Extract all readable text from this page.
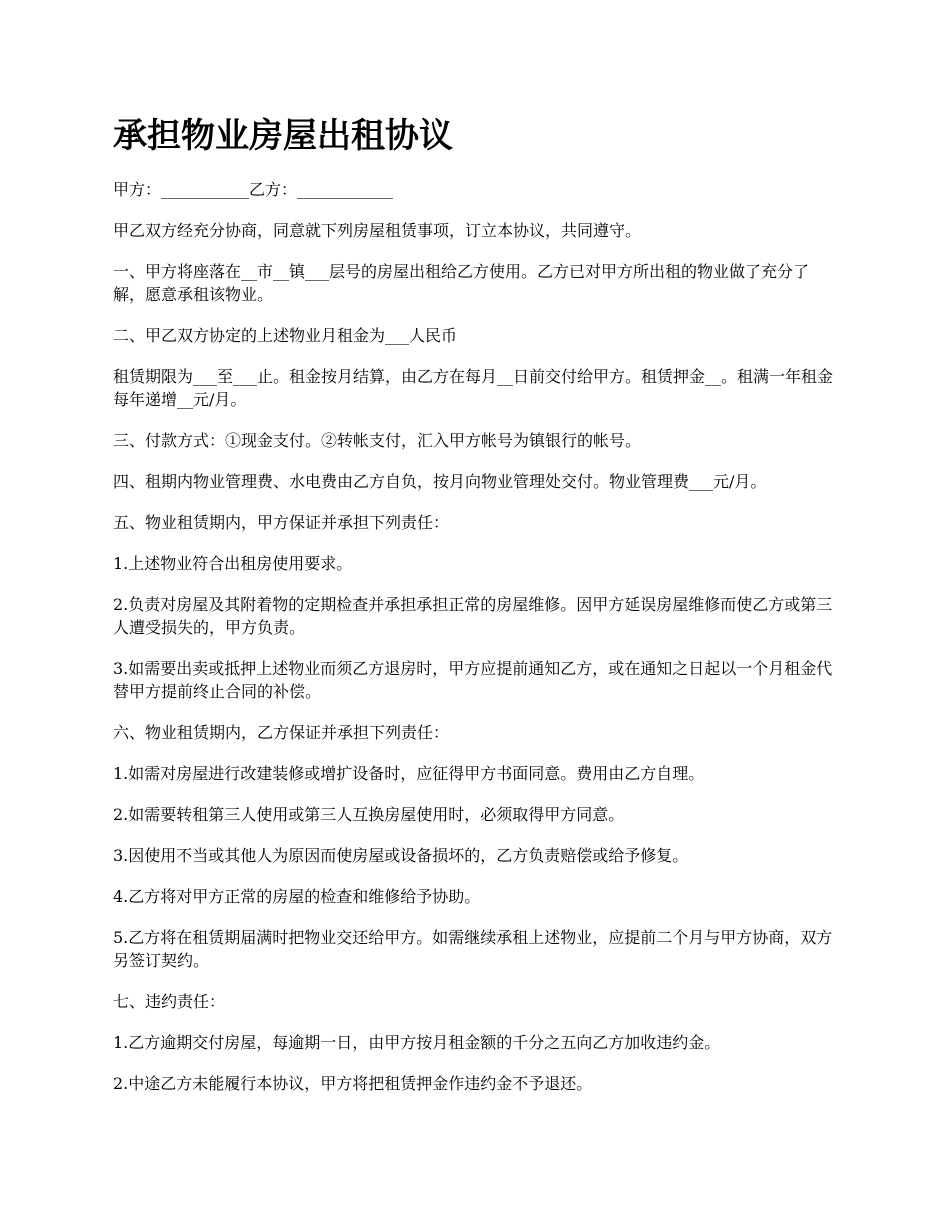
承担物业房屋出租协议

甲方：___________乙方：____________

甲乙双方经充分协商，同意就下列房屋租赁事项，订立本协议，共同遵守。

一、甲方将座落在__市__镇___层号的房屋出租给乙方使用。乙方已对甲方所出租的物业做了充分了解，愿意承租该物业。

二、甲乙双方协定的上述物业月租金为___人民币

租赁期限为___至___止。租金按月结算，由乙方在每月__日前交付给甲方。租赁押金__。租满一年租金每年递增__元/月。

三、付款方式：①现金支付。②转帐支付，汇入甲方帐号为镇银行的帐号。

四、租期内物业管理费、水电费由乙方自负，按月向物业管理处交付。物业管理费___元/月。

五、物业租赁期内，甲方保证并承担下列责任：

1.上述物业符合出租房使用要求。

2.负责对房屋及其附着物的定期检查并承担承担正常的房屋维修。因甲方延误房屋维修而使乙方或第三人遭受损失的，甲方负责。

3.如需要出卖或抵押上述物业而须乙方退房时，甲方应提前通知乙方，或在通知之日起以一个月租金代替甲方提前终止合同的补偿。

六、物业租赁期内，乙方保证并承担下列责任：

1.如需对房屋进行改建装修或增扩设备时，应征得甲方书面同意。费用由乙方自理。

2.如需要转租第三人使用或第三人互换房屋使用时，必须取得甲方同意。

3.因使用不当或其他人为原因而使房屋或设备损坏的，乙方负责赔偿或给予修复。

4.乙方将对甲方正常的房屋的检查和维修给予协助。

5.乙方将在租赁期届满时把物业交还给甲方。如需继续承租上述物业，应提前二个月与甲方协商，双方另签订契约。

七、违约责任：

1.乙方逾期交付房屋，每逾期一日，由甲方按月租金额的千分之五向乙方加收违约金。

2.中途乙方未能履行本协议，甲方将把租赁押金作违约金不予退还。
